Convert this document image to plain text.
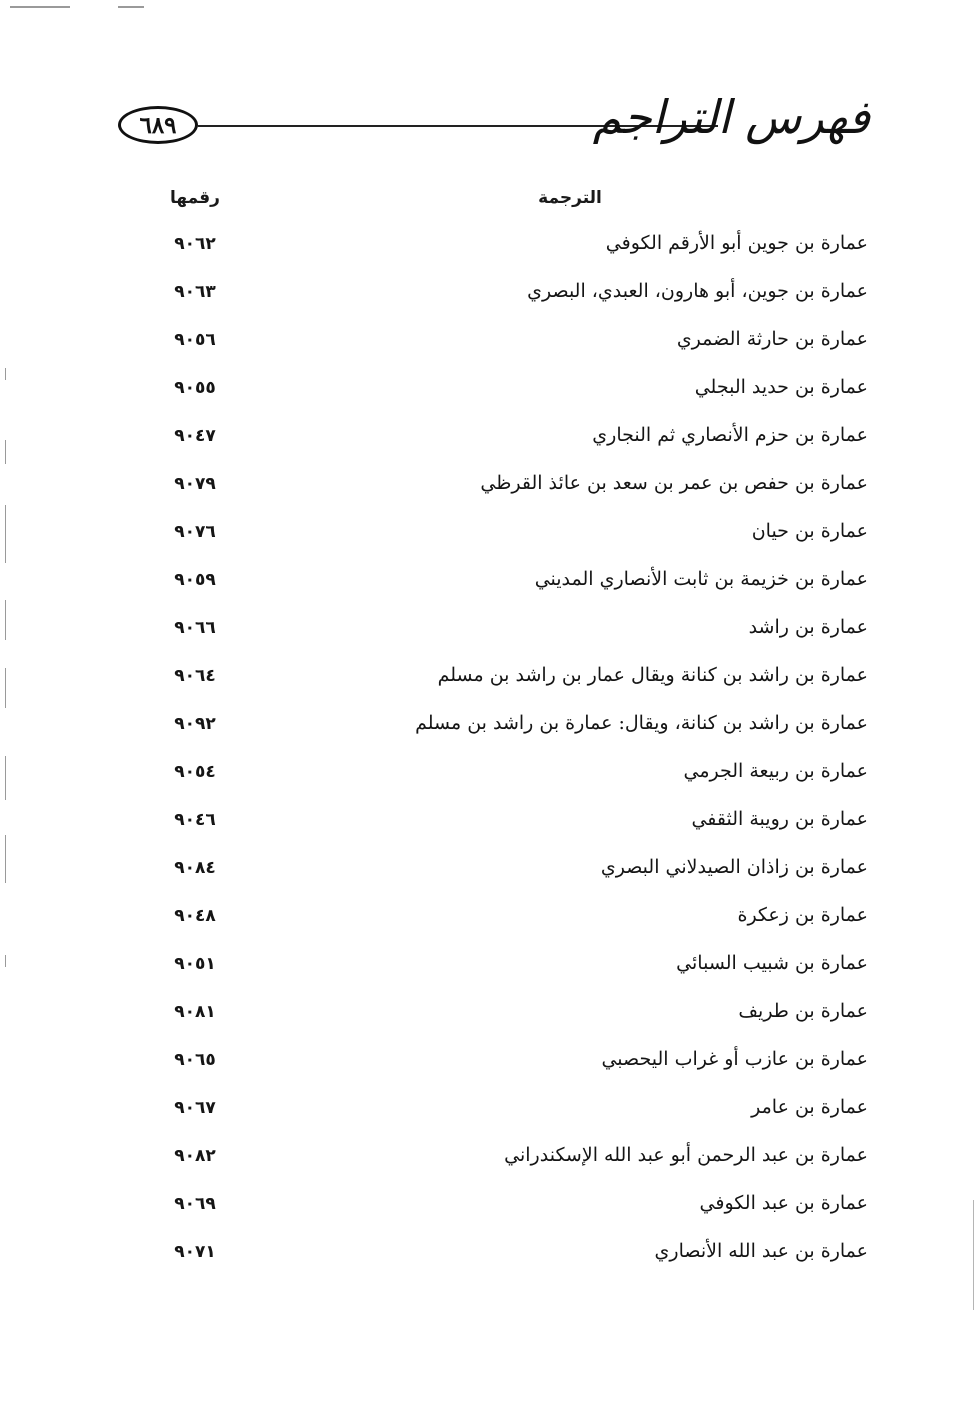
٦٨٩	فهرس التراجم
الترجمة
رقمها
عمارة بن جوين أبو الأرقم الكوفي
٩٠٦٢
عمارة بن جوين، أبو هارون، العبدي، البصري
٩٠٦٣
عمارة بن حارثة الضمري
٩٠٥٦
عمارة بن حديد البجلي
٩٠٥٥
عمارة بن حزم الأنصاري ثم النجاري
٩٠٤٧
عمارة بن حفص بن عمر بن سعد بن عائذ القرظي
٩٠٧٩
عمارة بن حيان
٩٠٧٦
عمارة بن خزيمة بن ثابت الأنصاري المديني
٩٠٥٩
عمارة بن راشد
٩٠٦٦
عمارة بن راشد بن كنانة ويقال عمار بن راشد بن مسلم
٩٠٦٤
عمارة بن راشد بن كنانة، ويقال: عمارة بن راشد بن مسلم
٩٠٩٢
عمارة بن ربيعة الجرمي
٩٠٥٤
عمارة بن رويبة الثقفي
٩٠٤٦
عمارة بن زاذان الصيدلاني البصري
٩٠٨٤
عمارة بن زعكرة
٩٠٤٨
عمارة بن شبيب السبائي
٩٠٥١
عمارة بن طريف
٩٠٨١
عمارة بن عازب أو غراب اليحصبي
٩٠٦٥
عمارة بن عامر
٩٠٦٧
عمارة بن عبد الرحمن أبو عبد الله الإسكندراني
٩٠٨٢
عمارة بن عبد الكوفي
٩٠٦٩
عمارة بن عبد الله الأنصاري
٩٠٧١
